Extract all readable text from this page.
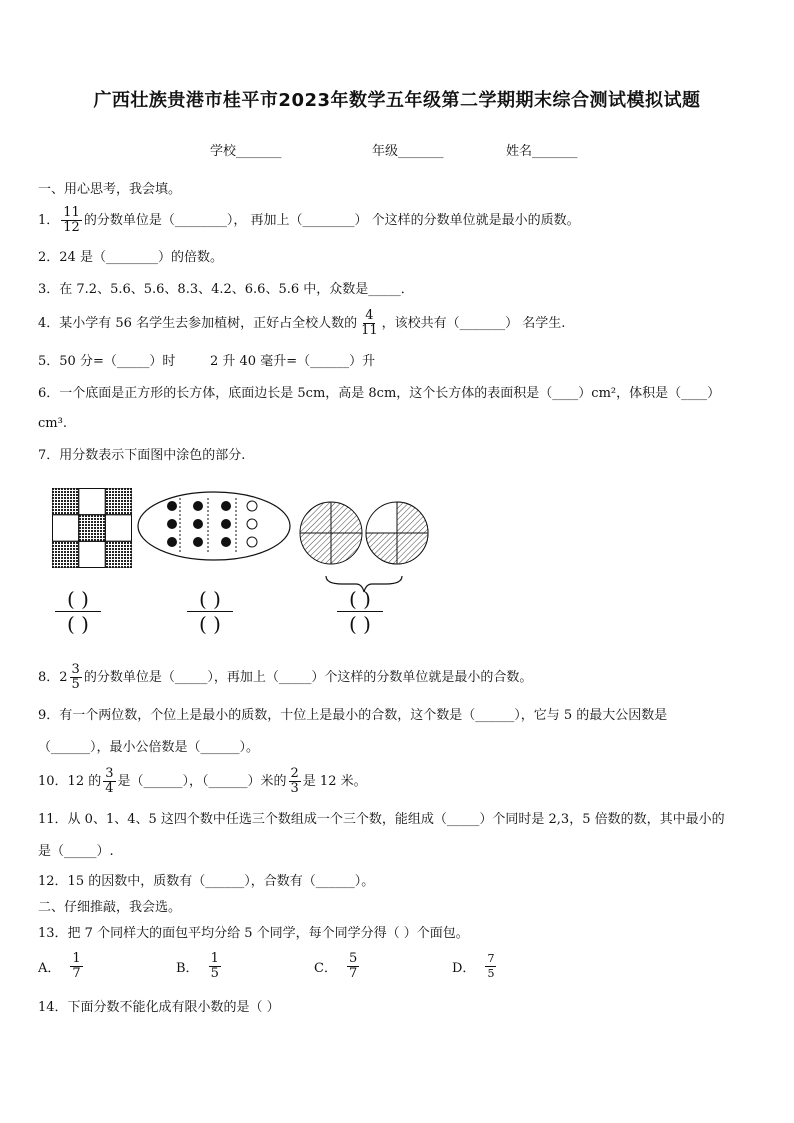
广西壮族贵港市桂平市2023年数学五年级第二学期期末综合测试模拟试题
学校_______	年级_______	姓名_______
一、用心思考，我会填。
1． $\frac{11}{12}$ 的分数单位是（________）， 再加上（________） 个这样的分数单位就是最小的质数。
2．24 是（________）的倍数。
3．在 7.2、5.6、5.6、8.3、4.2、6.6、5.6 中，众数是_____．
4．某小学有 56 名学生去参加植树，正好占全校人数的 $\frac{4}{11}$ ，该校共有（_______） 名学生.
5．50 分=（_____）时	2 升 40 毫升=（______）升
6．一个底面是正方形的长方体，底面边长是 5cm，高是 8cm，这个长方体的表面积是（____）cm²，体积是（____）
cm³.
7．用分数表示下面图中涂色的部分.
( )
( )
( )
( )
( )
( )
8．$2 \frac{3}{5}$ 的分数单位是（_____），再加上（_____）个这样的分数单位就是最小的合数。
9．有一个两位数，个位上是最小的质数，十位上是最小的合数，这个数是（______），它与 5 的最大公因数是
（______），最小公倍数是（______）。
10．12 的 $\frac{3}{4}$ 是（______），（______）米的 $\frac{2}{3}$ 是 12 米。
11．从 0、1、4、5 这四个数中任选三个数组成一个三个数，能组成（_____）个同时是 2,3，5 倍数的数，其中最小的
是（_____）.
12．15 的因数中，质数有（______），合数有（______）。
二、仔细推敲，我会选。
13．把 7 个同样大的面包平均分给 5 个同学，每个同学分得（ ）个面包。
A． $\frac{1}{7}$	B． $\frac{1}{5}$	C． $\frac{5}{7}$	D． $\frac{7}{5}$
14．下面分数不能化成有限小数的是（ ）
